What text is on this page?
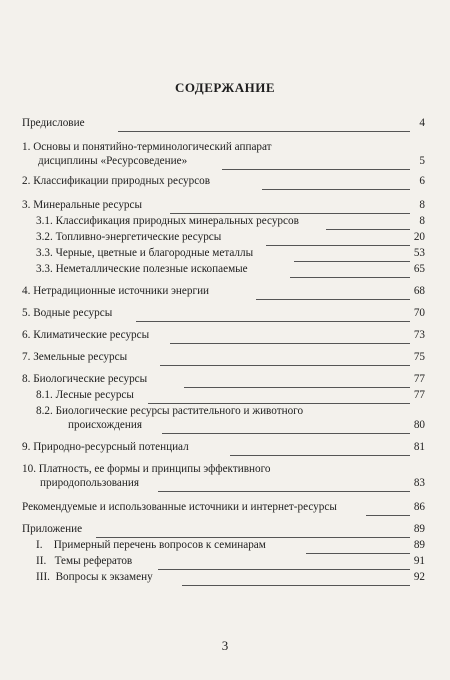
СОДЕРЖАНИЕ
Предисловие	4
1. Основы и понятийно-терминологический аппарат
дисциплины «Ресурсоведение»	5
2. Классификации природных ресурсов	6
3. Минеральные ресурсы	8
3.1. Классификация природных минеральных ресурсов	8
3.2. Топливно-энергетические ресурсы	20
3.3. Черные, цветные и благородные металлы	53
3.3. Неметаллические полезные ископаемые	65
4. Нетрадиционные источники энергии	68
5. Водные ресурсы	70
6. Климатические ресурсы	73
7. Земельные ресурсы	75
8. Биологические ресурсы	77
8.1. Лесные ресурсы	77
8.2. Биологические ресурсы растительного и животного
происхождения	80
9. Природно-ресурсный потенциал	81
10. Платность, ее формы и принципы эффективного
природопользования	83
Рекомендуемые и использованные источники и интернет-ресурсы	86
Приложение	89
I.    Примерный перечень вопросов к семинарам	89
II.   Темы рефератов	91
III.  Вопросы к экзамену	92
3
